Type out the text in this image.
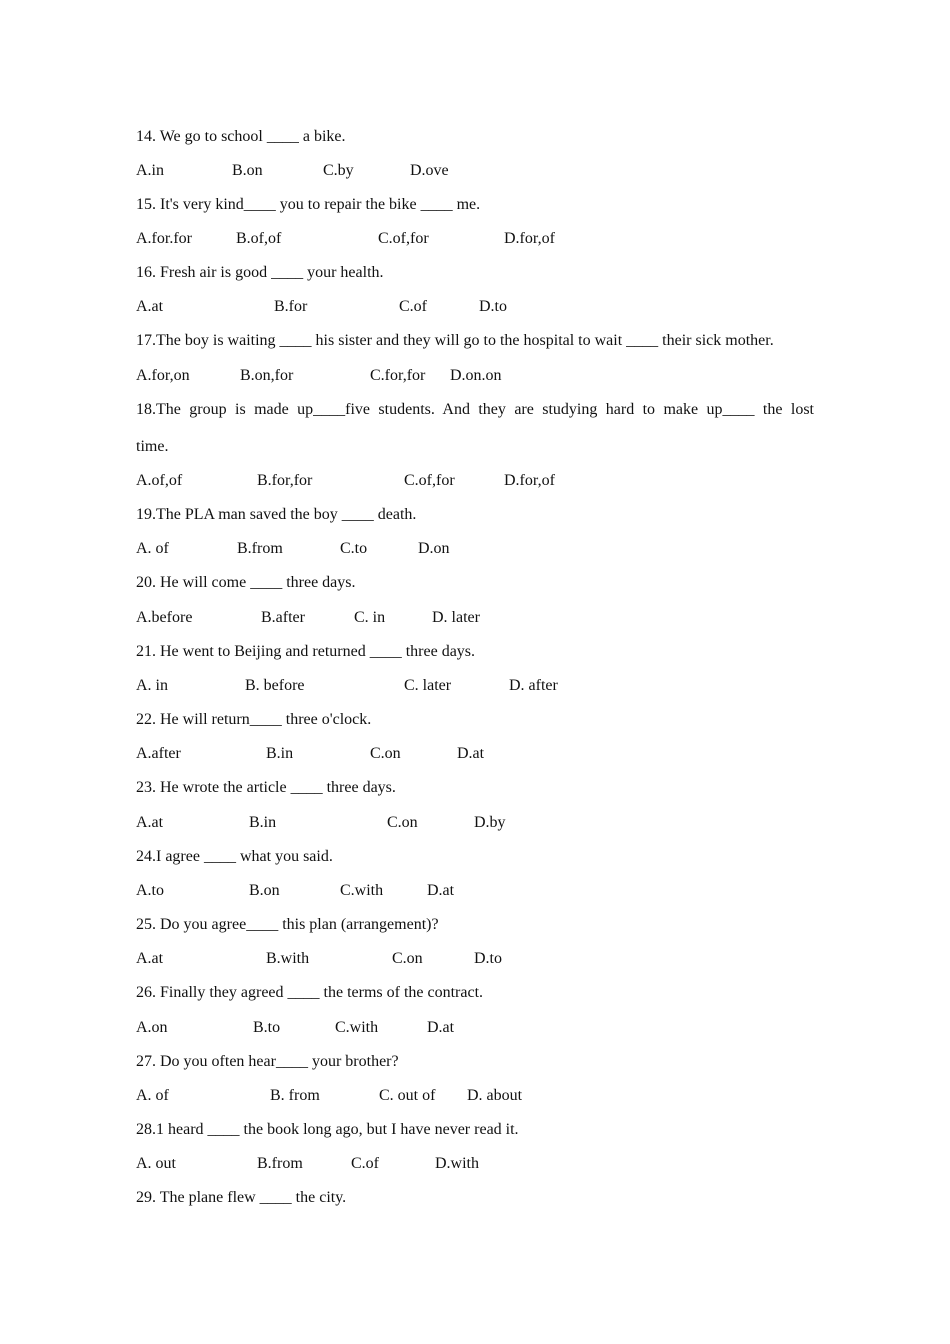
14. We go to school ____ a bike.
A.in	B.on	C.by	D.ove
15. It's very kind____ you to repair the bike ____ me.
A.for.for	B.of,of	C.of,for	D.for,of
16. Fresh air is good ____ your health.
A.at	B.for	C.of	D.to
17.The boy is waiting ____ his sister and they will go to the hospital to wait ____ their sick mother.
A.for,on	B.on,for	C.for,for D.on.on
18.The group is made up____five students. And they are studying hard to make up____ the lost
time.
A.of,of	B.for,for	C.of,for	D.for,of
19.The PLA man saved the boy ____ death.
A. of	B.from	C.to	D.on
20. He will come ____ three days.
A.before	B.after	C. in	D. later
21. He went to Beijing and returned ____ three days.
A. in	B. before	C. later	D. after
22. He will return____ three o'clock.
A.after	B.in	C.on	D.at
23. He wrote the article ____ three days.
A.at	B.in	C.on	D.by
24.I agree ____ what you said.
A.to	B.on	C.with	D.at
25. Do you agree____ this plan (arrangement)?
A.at	B.with	C.on	D.to
26. Finally they agreed ____ the terms of the contract.
A.on	B.to	C.with	D.at
27. Do you often hear____ your brother?
A. of	B. from	C. out of D. about
28.1 heard ____ the book long ago, but I have never read it.
A. out	B.from	C.of	D.with
29. The plane flew ____ the city.
